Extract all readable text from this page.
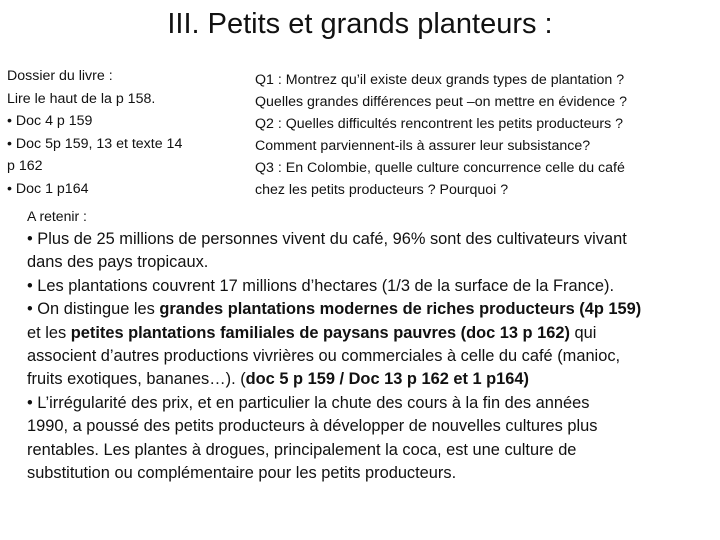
III. Petits et grands planteurs :
Dossier du livre :
Lire le haut de la p 158.
• Doc 4 p 159
• Doc 5p 159, 13 et texte 14
p 162
• Doc 1 p164
Q1 : Montrez qu’il existe deux grands types de plantation ?
Quelles grandes différences peut –on mettre en évidence ?
Q2 : Quelles difficultés rencontrent les petits producteurs ?
Comment parviennent-ils à assurer leur subsistance?
Q3 : En Colombie, quelle culture concurrence celle du café
chez les petits producteurs ? Pourquoi ?
A retenir :
• Plus de 25 millions de personnes vivent du café, 96% sont des cultivateurs vivant
dans des pays tropicaux.
• Les plantations couvrent 17 millions d’hectares (1/3 de la surface de la France).
• On distingue les grandes plantations modernes de riches producteurs (4p 159)
et les petites plantations familiales de paysans pauvres (doc 13 p 162) qui
associent d’autres productions vivrières ou commerciales à celle du café (manioc,
fruits exotiques, bananes…). (doc 5 p 159 / Doc 13 p 162 et 1 p164)
• L’irrégularité des prix, et en particulier la chute des cours à la fin des années
1990, a poussé des petits producteurs à développer de nouvelles cultures plus
rentables. Les plantes à drogues, principalement la coca, est une culture de
substitution ou complémentaire pour les petits producteurs.
